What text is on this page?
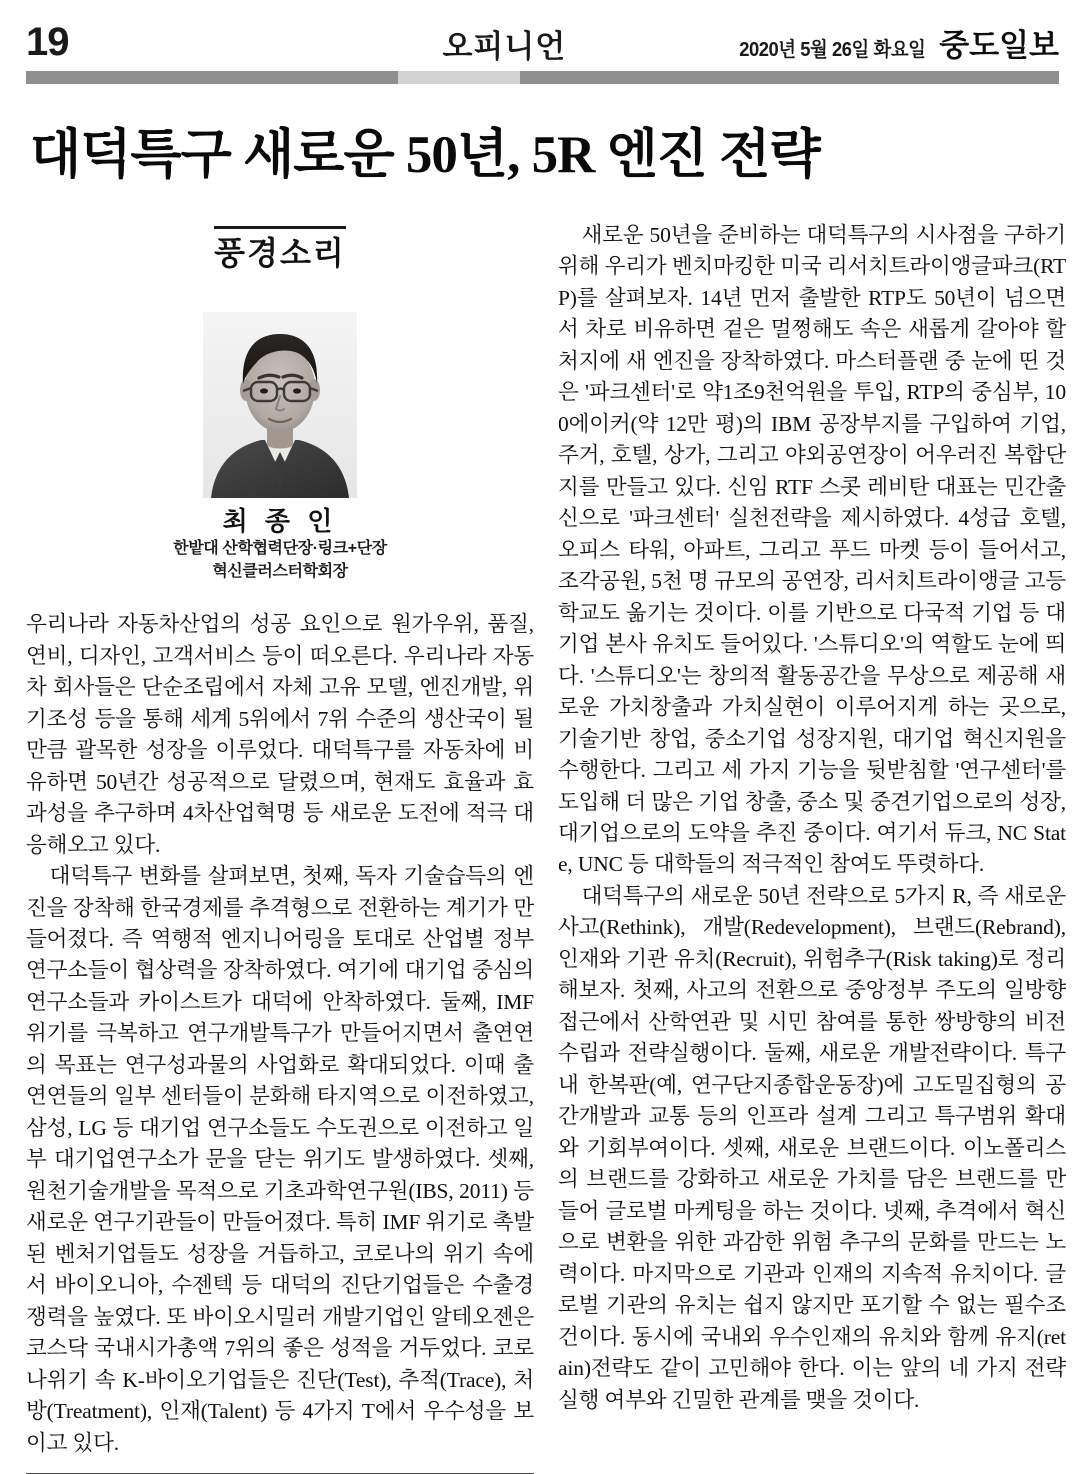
19	오피니언	2020년 5월 26일 화요일 중도일보
대덕특구 새로운 50년, 5R 엔진 전략
풍경소리
최 종 인
한밭대 산학협력단장·링크+단장
혁신클러스터학회장

우리나라 자동차산업의 성공 요인으로 원가우위, 품질, 연비, 디자인, 고객서비스 등이 떠오른다. 우리나라 자동차 회사들은 단순조립에서 자체 고유 모델, 엔진개발, 위기조성 등을 통해 세계 5위에서 7위 수준의 생산국이 될 만큼 괄목한 성장을 이루었다. 대덕특구를 자동차에 비유하면 50년간 성공적으로 달렸으며, 현재도 효율과 효과성을 추구하며 4차산업혁명 등 새로운 도전에 적극 대응해오고 있다.

대덕특구 변화를 살펴보면, 첫째, 독자 기술습득의 엔진을 장착해 한국경제를 추격형으로 전환하는 계기가 만들어졌다. 즉 역행적 엔지니어링을 토대로 산업별 정부연구소들이 협상력을 장착하였다. 여기에 대기업 중심의 연구소들과 카이스트가 대덕에 안착하였다. 둘째, IMF 위기를 극복하고 연구개발특구가 만들어지면서 출연연의 목표는 연구성과물의 사업화로 확대되었다. 이때 출연연들의 일부 센터들이 분화해 타지역으로 이전하였고, 삼성, LG 등 대기업 연구소들도 수도권으로 이전하고 일부 대기업연구소가 문을 닫는 위기도 발생하였다. 셋째, 원천기술개발을 목적으로 기초과학연구원(IBS, 2011) 등 새로운 연구기관들이 만들어졌다. 특히 IMF 위기로 촉발된 벤처기업들도 성장을 거듭하고, 코로나의 위기 속에서 바이오니아, 수젠텍 등 대덕의 진단기업들은 수출경쟁력을 높였다. 또 바이오시밀러 개발기업인 알테오젠은 코스닥 국내시가총액 7위의 좋은 성적을 거두었다. 코로나위기 속 K-바이오기업들은 진단(Test), 추적(Trace), 처방(Treatment), 인재(Talent) 등 4가지 T에서 우수성을 보이고 있다.

새로운 50년을 준비하는 대덕특구의 시사점을 구하기 위해 우리가 벤치마킹한 미국 리서치트라이앵글파크(RTP)를 살펴보자. 14년 먼저 출발한 RTP도 50년이 넘으면서 차로 비유하면 겉은 멀쩡해도 속은 새롭게 갈아야 할 처지에 새 엔진을 장착하였다. 마스터플랜 중 눈에 띤 것은 '파크센터'로 약1조9천억원을 투입, RTP의 중심부, 100에이커(약 12만 평)의 IBM 공장부지를 구입하여 기업, 주거, 호텔, 상가, 그리고 야외공연장이 어우러진 복합단지를 만들고 있다. 신임 RTF 스콧 레비탄 대표는 민간출신으로 '파크센터' 실천전략을 제시하였다. 4성급 호텔, 오피스 타워, 아파트, 그리고 푸드 마켓 등이 들어서고, 조각공원, 5천 명 규모의 공연장, 리서치트라이앵글 고등학교도 옮기는 것이다. 이를 기반으로 다국적 기업 등 대기업 본사 유치도 들어있다. '스튜디오'의 역할도 눈에 띄다. '스튜디오'는 창의적 활동공간을 무상으로 제공해 새로운 가치창출과 가치실현이 이루어지게 하는 곳으로, 기술기반 창업, 중소기업 성장지원, 대기업 혁신지원을 수행한다. 그리고 세 가지 기능을 뒷받침할 '연구센터'를 도입해 더 많은 기업 창출, 중소 및 중견기업으로의 성장, 대기업으로의 도약을 추진 중이다. 여기서 듀크, NC State, UNC 등 대학들의 적극적인 참여도 뚜렷하다.

대덕특구의 새로운 50년 전략으로 5가지 R, 즉 새로운 사고(Rethink), 개발(Redevelopment), 브랜드(Rebrand), 인재와 기관 유치(Recruit), 위험추구(Risk taking)로 정리해보자. 첫째, 사고의 전환으로 중앙정부 주도의 일방향 접근에서 산학연관 및 시민 참여를 통한 쌍방향의 비전수립과 전략실행이다. 둘째, 새로운 개발전략이다. 특구내 한복판(예, 연구단지종합운동장)에 고도밀집형의 공간개발과 교통 등의 인프라 설계 그리고 특구범위 확대와 기회부여이다. 셋째, 새로운 브랜드이다. 이노폴리스의 브랜드를 강화하고 새로운 가치를 담은 브랜드를 만들어 글로벌 마케팅을 하는 것이다. 넷째, 추격에서 혁신으로 변환을 위한 과감한 위험 추구의 문화를 만드는 노력이다. 마지막으로 기관과 인재의 지속적 유치이다. 글로벌 기관의 유치는 쉽지 않지만 포기할 수 없는 필수조건이다. 동시에 국내외 우수인재의 유치와 함께 유지(retain)전략도 같이 고민해야 한다. 이는 앞의 네 가지 전략실행 여부와 긴밀한 관계를 맺을 것이다.
